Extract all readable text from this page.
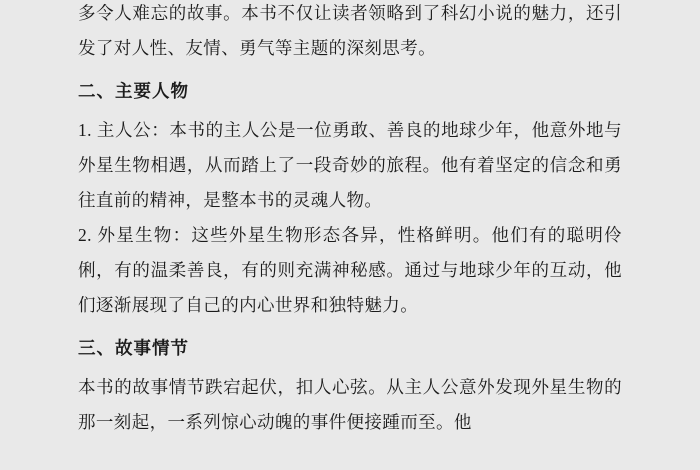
多令人难忘的故事。本书不仅让读者领略到了科幻小说的魅力，还引发了对人性、友情、勇气等主题的深刻思考。

二、主要人物

1. 主人公：本书的主人公是一位勇敢、善良的地球少年，他意外地与外星生物相遇，从而踏上了一段奇妙的旅程。他有着坚定的信念和勇往直前的精神，是整本书的灵魂人物。

2. 外星生物：这些外星生物形态各异，性格鲜明。他们有的聪明伶俐，有的温柔善良，有的则充满神秘感。通过与地球少年的互动，他们逐渐展现了自己的内心世界和独特魅力。

三、故事情节

本书的故事情节跌宕起伏，扣人心弦。从主人公意外发现外星生物的那一刻起，一系列惊心动魄的事件便接踵而至。他
